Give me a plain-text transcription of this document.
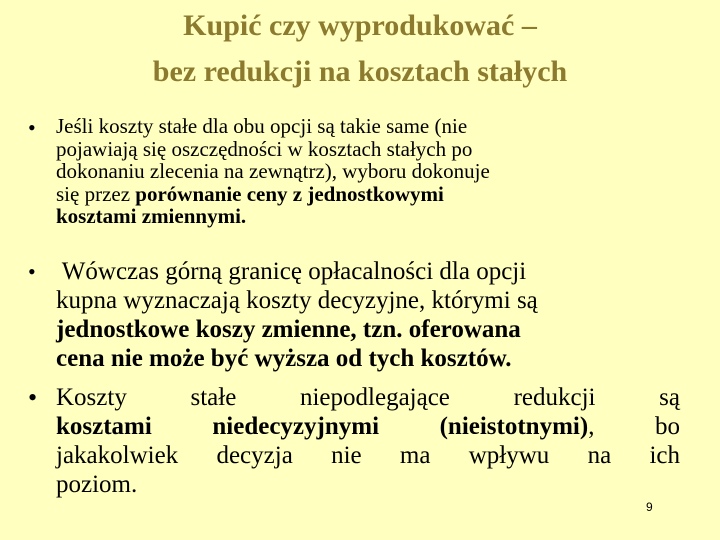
Kupić czy wyprodukować –
bez redukcji na kosztach stałych
• Jeśli koszty stałe dla obu opcji są takie same (nie
pojawiają się oszczędności w kosztach stałych po
dokonaniu zlecenia na zewnątrz), wyboru dokonuje
się przez porównanie ceny z jednostkowymi
kosztami zmiennymi.
• Wówczas górną granicę opłacalności dla opcji
kupna wyznaczają koszty decyzyjne, którymi są
jednostkowe koszy zmienne, tzn. oferowana
cena nie może być wyższa od tych kosztów.
• Koszty stałe niepodlegające redukcji są
kosztami niedecyzyjnymi (nieistotnymi), bo
jakakolwiek decyzja nie ma wpływu na ich
poziom.
9
